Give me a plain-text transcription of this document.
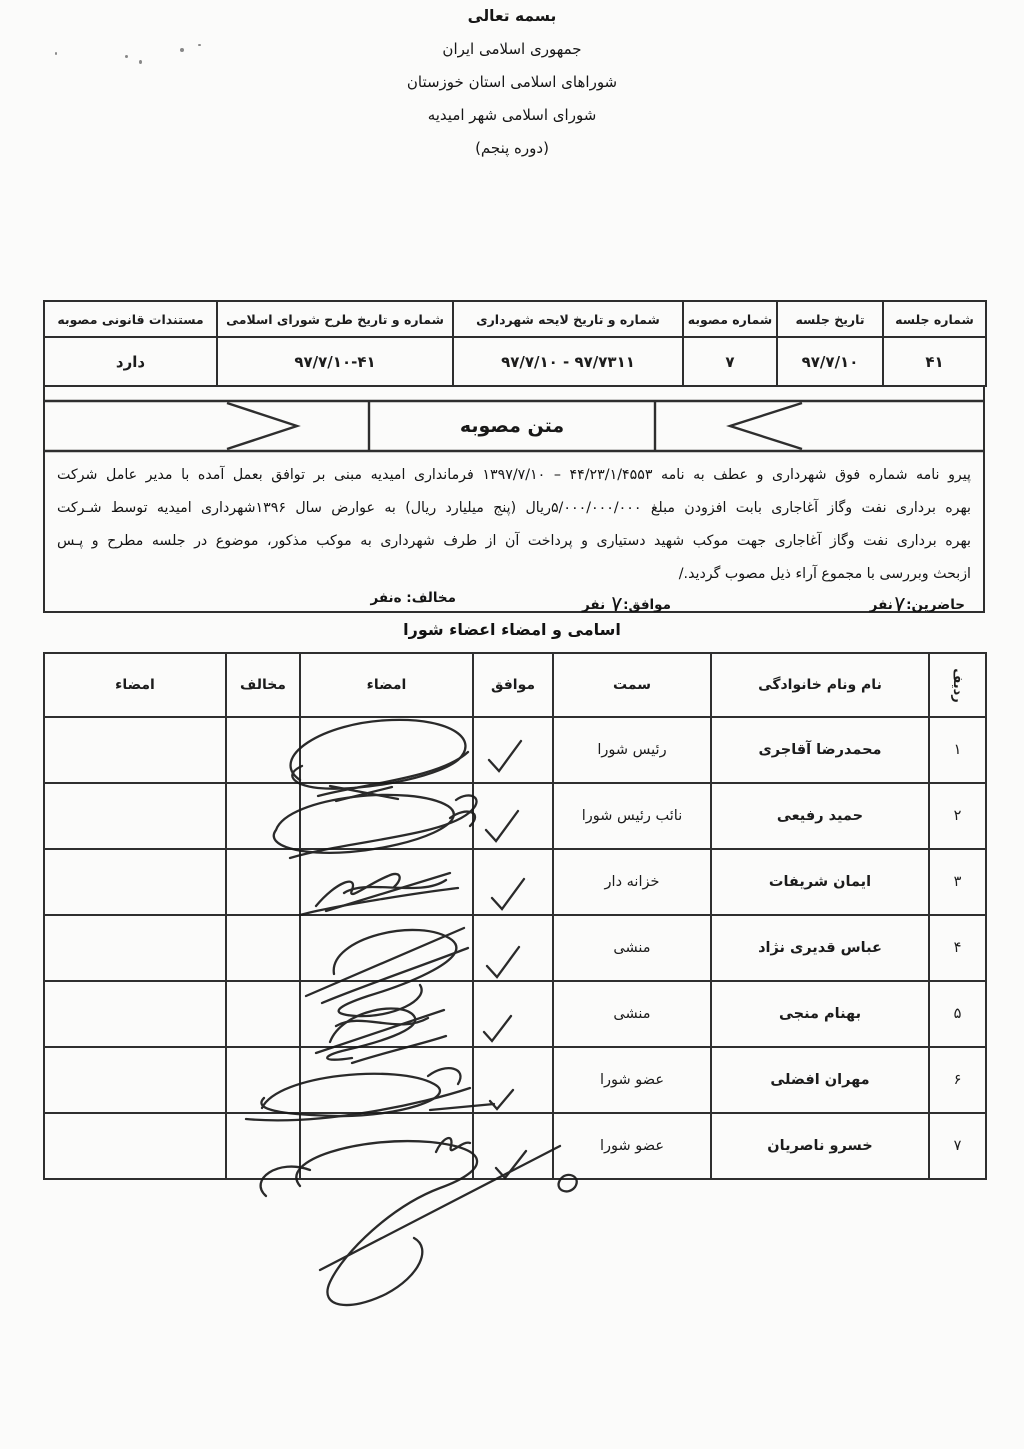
بسمه تعالی
جمهوری اسلامی ایران
شوراهای اسلامی استان خوزستان
شورای اسلامی شهر امیدیه
(دوره پنجم)
شماره جلسه	تاریخ جلسه	شماره مصوبه	شماره و تاریخ لایحه شهرداری	شماره و تاریخ طرح شورای اسلامی	مستندات قانونی مصوبه
۴۱	۹۷/۷/۱۰	۷	۹۷/۷۳۱۱ - ۹۷/۷/۱۰	۹۷/۷/۱۰-۴۱	دارد
متن مصوبه
پیرو نامه شماره فوق شهرداری و عطف به نامه ۴۴/۲۳/۱/۴۵۵۳ – ۱۳۹۷/۷/۱۰ فرمانداری امیدیه مبنی بر توافق بعمل آمده با مدیر عامل شرکت
بهره برداری نفت وگاز آغاجاری بابت افزودن مبلغ ۵/۰۰۰/۰۰۰/۰۰۰ریال (پنج میلیارد ریال) به عوارض سال ۱۳۹۶شهرداری امیدیه توسط شـرکت
بهره برداری نفت وگاز آغاجاری جهت موکب شهید دستیاری و پرداخت آن از طرف شهرداری به موکب مذکور، موضوع در جلسه مطرح و پـس
ازبحث وبررسی با مجموع آراء ذیل مصوب گردید./
حاضرین:۷نفر
موافق:۷ نفر
مخالف: ەنفر
اسامی و امضاء اعضاء شورا
ردیف	نام ونام خانوادگی	سمت	موافق	امضاء	مخالف	امضاء
۱	محمدرضا آقاجری	رئیس شورا				
۲	حمید رفیعی	نائب رئیس شورا				
۳	ایمان شریفات	خزانه دار				
۴	عباس قدیری نژاد	منشی				
۵	بهنام منجی	منشی				
۶	مهران افضلی	عضو شورا				
۷	خسرو ناصریان	عضو شورا				
